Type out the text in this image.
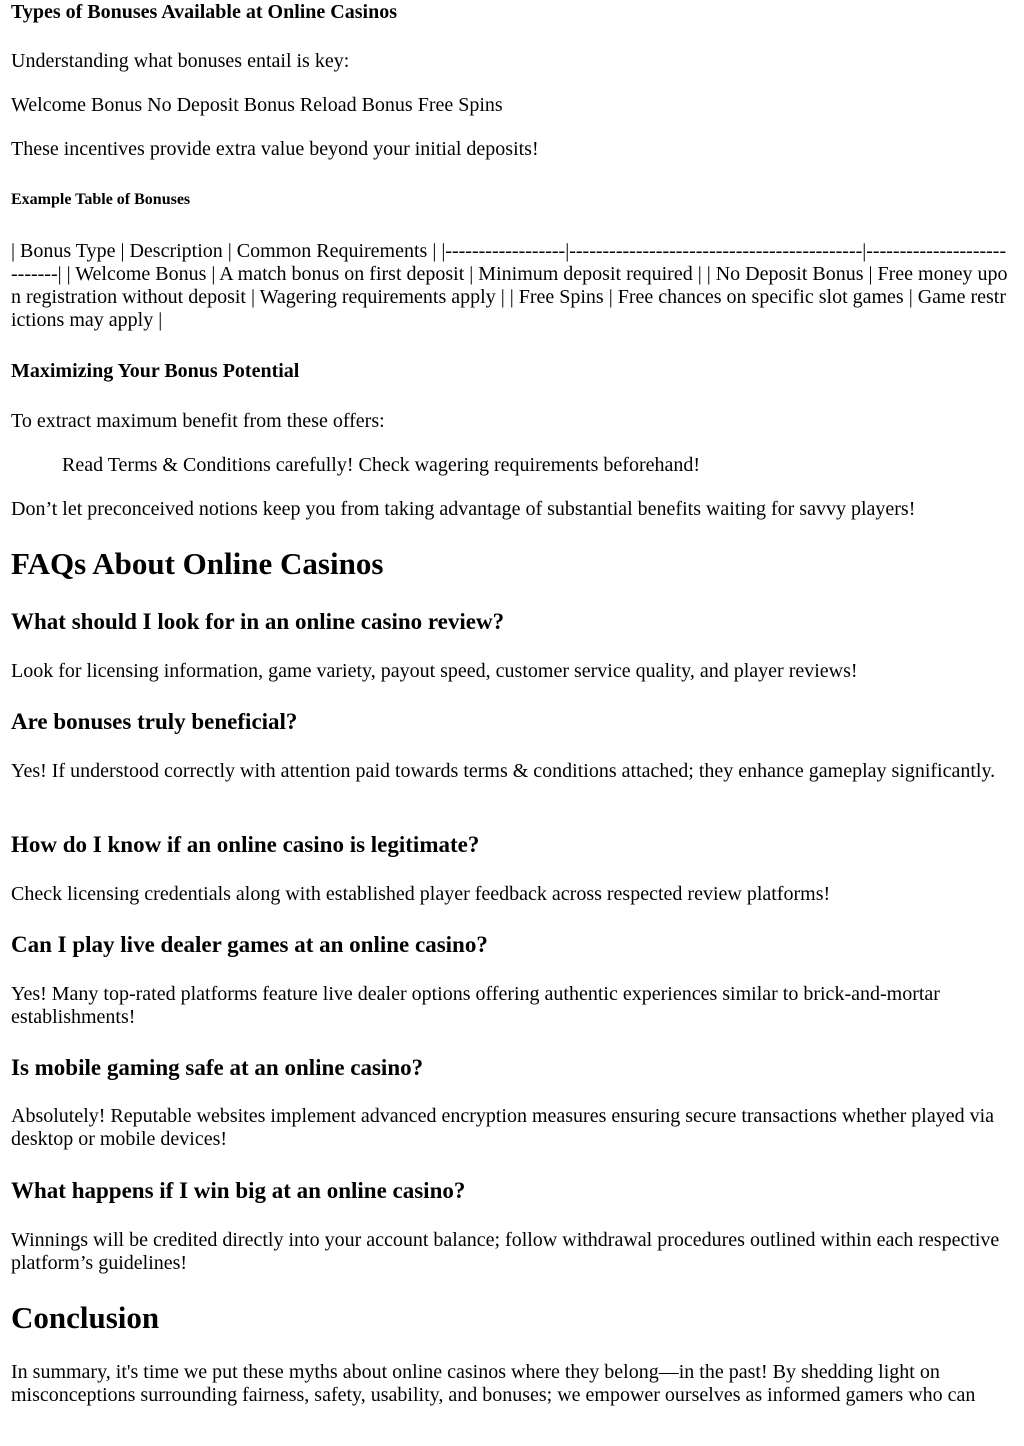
Types of Bonuses Available at Online Casinos

Understanding what bonuses entail is key:

Welcome Bonus No Deposit Bonus Reload Bonus Free Spins

These incentives provide extra value beyond your initial deposits!

Example Table of Bonuses

| Bonus Type | Description | Common Requirements | |------------------|--------------------------------------------|----------------------------| | Welcome Bonus | A match bonus on first deposit | Minimum deposit required | | No Deposit Bonus | Free money upon registration without deposit | Wagering requirements apply | | Free Spins | Free chances on specific slot games | Game restrictions may apply |

Maximizing Your Bonus Potential

To extract maximum benefit from these offers:

Read Terms & Conditions carefully! Check wagering requirements beforehand!

Don’t let preconceived notions keep you from taking advantage of substantial benefits waiting for savvy players!

FAQs About Online Casinos
What should I look for in an online casino review?

Look for licensing information, game variety, payout speed, customer service quality, and player reviews!

Are bonuses truly beneficial?

Yes! If understood correctly with attention paid towards terms & conditions attached; they enhance gameplay significantly.

How do I know if an online casino is legitimate?

Check licensing credentials along with established player feedback across respected review platforms!

Can I play live dealer games at an online casino?

Yes! Many top-rated platforms feature live dealer options offering authentic experiences similar to brick-and-mortar establishments!

Is mobile gaming safe at an online casino?

Absolutely! Reputable websites implement advanced encryption measures ensuring secure transactions whether played via desktop or mobile devices!

What happens if I win big at an online casino?

Winnings will be credited directly into your account balance; follow withdrawal procedures outlined within each respective platform’s guidelines!

Conclusion

In summary, it's time we put these myths about online casinos where they belong—in the past! By shedding light on misconceptions surrounding fairness, safety, usability, and bonuses; we empower ourselves as informed gamers who can
